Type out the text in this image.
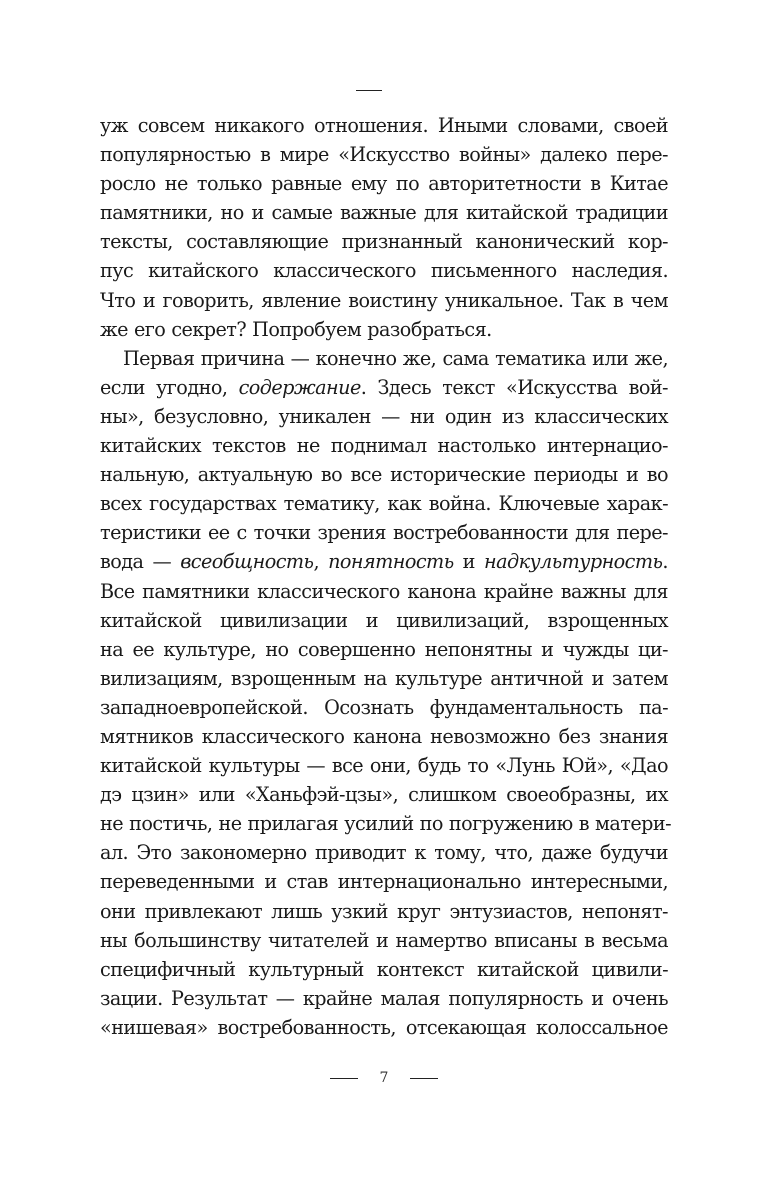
уж совсем никакого отношения. Иными словами, своей
популярностью в мире «Искусство войны» далеко пере-
росло не только равные ему по авторитетности в Китае
памятники, но и самые важные для китайской традиции
тексты, составляющие признанный канонический кор-
пус китайского классического письменного наследия.
Что и говорить, явление воистину уникальное. Так в чем
же его секрет? Попробуем разобраться.
Первая причина — конечно же, сама тематика или же,
если угодно, содержание. Здесь текст «Искусства вой-
ны», безусловно, уникален — ни один из классических
китайских текстов не поднимал настолько интернацио-
нальную, актуальную во все исторические периоды и во
всех государствах тематику, как война. Ключевые харак-
теристики ее с точки зрения востребованности для пере-
вода — всеобщность, понятность и надкультурность.
Все памятники классического канона крайне важны для
китайской цивилизации и цивилизаций, взрощенных
на ее культуре, но совершенно непонятны и чужды ци-
вилизациям, взрощенным на культуре античной и затем
западноевропейской. Осознать фундаментальность па-
мятников классического канона невозможно без знания
китайской культуры — все они, будь то «Лунь Юй», «Дао
дэ цзин» или «Ханьфэй-цзы», слишком своеобразны, их
не постичь, не прилагая усилий по погружению в матери-
ал. Это закономерно приводит к тому, что, даже будучи
переведенными и став интернационально интересными,
они привлекают лишь узкий круг энтузиастов, непонят-
ны большинству читателей и намертво вписаны в весьма
специфичный культурный контекст китайской цивили-
зации. Результат — крайне малая популярность и очень
«нишевая» востребованность, отсекающая колоссальное
7
